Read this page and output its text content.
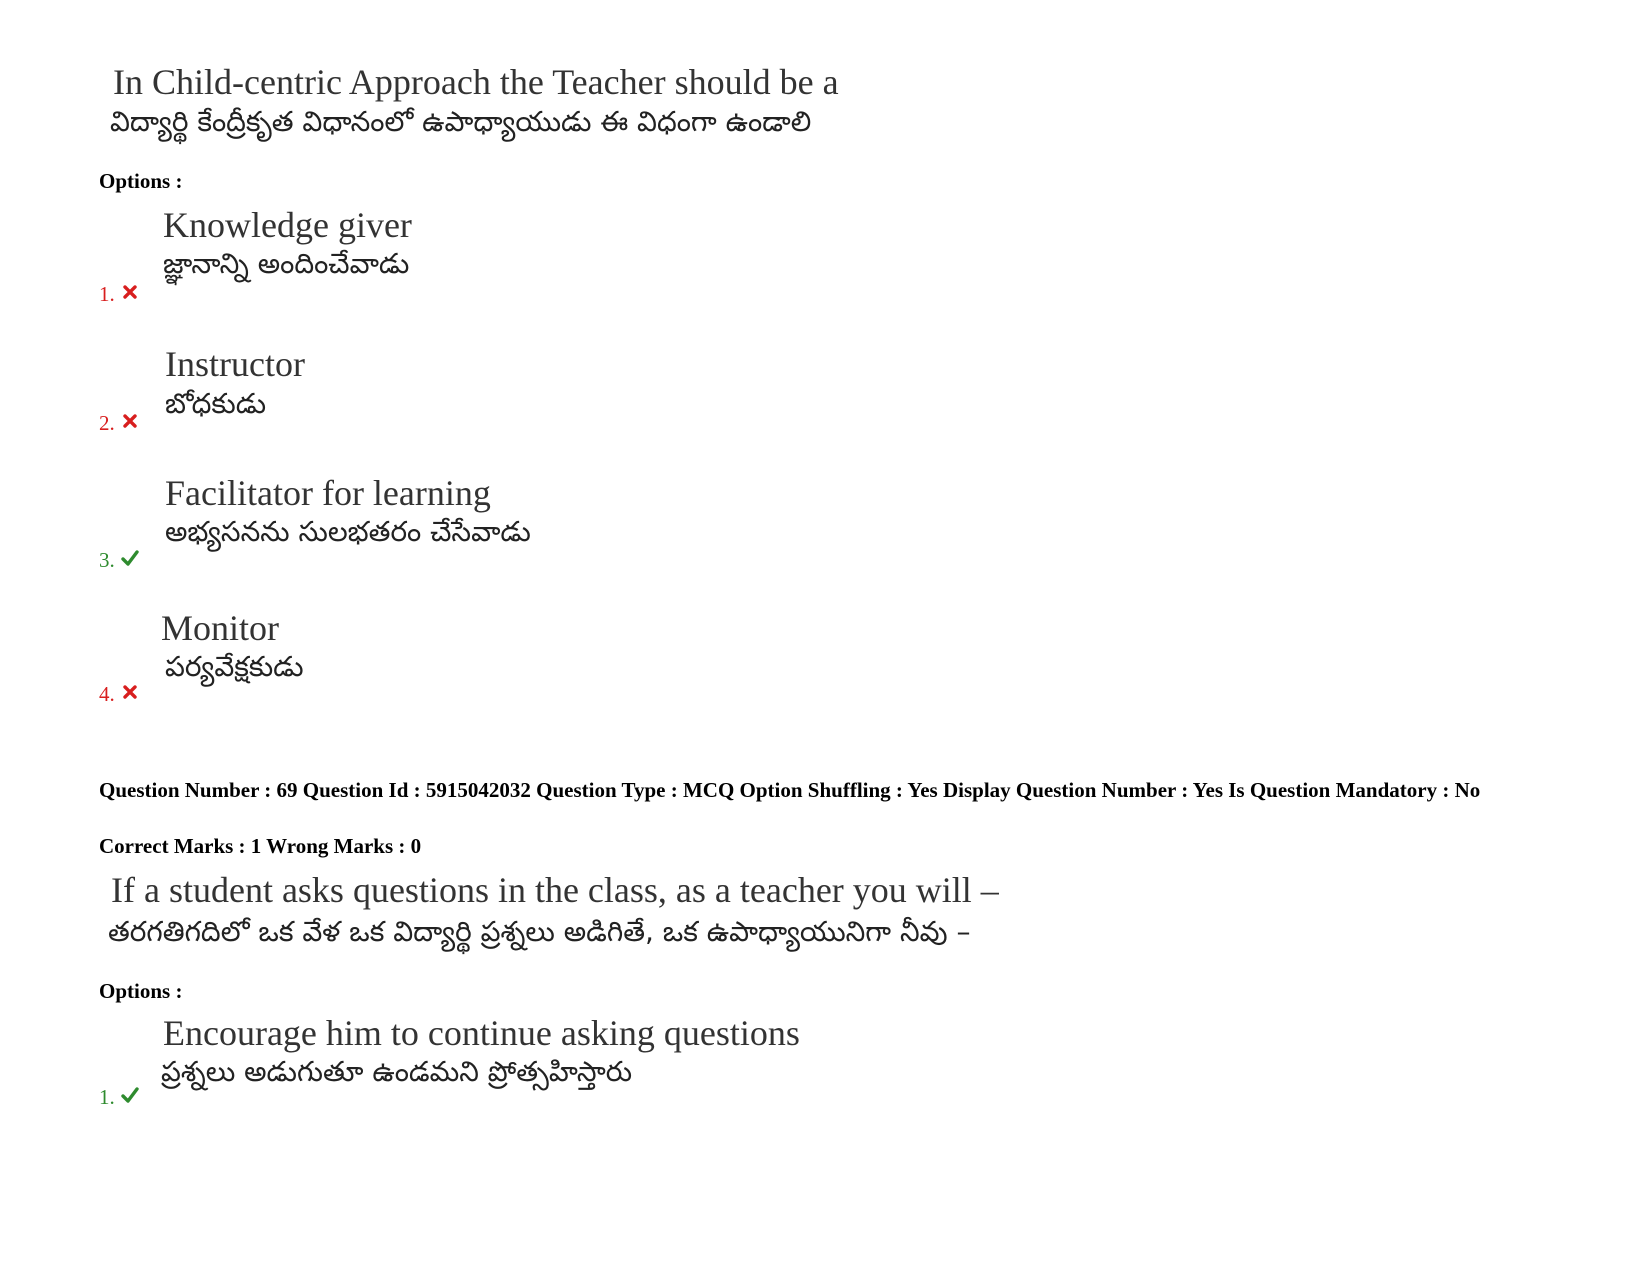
In Child-centric Approach the Teacher should be a
విద్యార్థి కేంద్రీకృత విధానంలో ఉపాధ్యాయుడు ఈ విధంగా ఉండాలి
Options :
Knowledge giver
జ్ఞానాన్ని అందించేవాడు
1.
Instructor
బోధకుడు
2.
Facilitator for learning
అభ్యసనను సులభతరం చేసేవాడు
3.
Monitor
పర్యవేక్షకుడు
4.
Question Number : 69 Question Id : 5915042032 Question Type : MCQ Option Shuffling : Yes Display Question Number : Yes Is Question Mandatory : No
Correct Marks : 1 Wrong Marks : 0
If a student asks questions in the class, as a teacher you will –
తరగతిగదిలో ఒక వేళ ఒక విద్యార్థి ప్రశ్నలు అడిగితే, ఒక ఉపాధ్యాయునిగా నీవు –
Options :
Encourage him to continue asking questions
ప్రశ్నలు అడుగుతూ ఉండమని ప్రోత్సహిస్తారు
1.
